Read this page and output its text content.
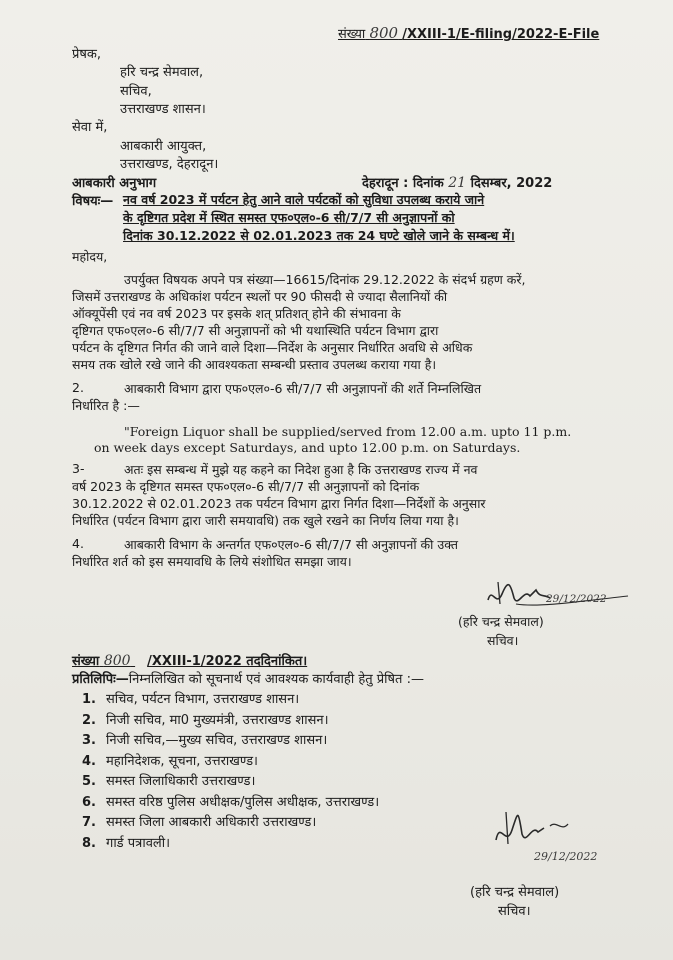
संख्या 800 /XXIII-1/E-filing/2022-E-File
प्रेषक,
हरि चन्द्र सेमवाल,
सचिव,
उत्तराखण्ड शासन।
सेवा में,
आबकारी आयुक्त,
उत्तराखण्ड, देहरादून।
आबकारी अनुभाग	देहरादून : दिनांक 21 दिसम्बर, 2022
विषयः— नव वर्ष 2023 में पर्यटन हेतु आने वाले पर्यटकों को सुविधा उपलब्ध कराये जाने
के दृष्टिगत प्रदेश में स्थित समस्त एफ०एल०-6 सी/7/7 सी अनुज्ञापनों को
दिनांक 30.12.2022 से 02.01.2023 तक 24 घण्टे खोले जाने के सम्बन्ध में।
महोदय,
उपर्युक्त विषयक अपने पत्र संख्या—16615/दिनांक 29.12.2022 के संदर्भ ग्रहण करें,
जिसमें उत्तराखण्ड के अधिकांश पर्यटन स्थलों पर 90 फीसदी से ज्यादा सैलानियों की
ऑक्यूपेंसी एवं नव वर्ष 2023 पर इसके शत् प्रतिशत् होने की संभावना के
दृष्टिगत एफ०एल०-6 सी/7/7 सी अनुज्ञापनों को भी यथास्थिति पर्यटन विभाग द्वारा
पर्यटन के दृष्टिगत निर्गत की जाने वाले दिशा—निर्देश के अनुसार निर्धारित अवधि से अधिक
समय तक खोले रखे जाने की आवश्यकता सम्बन्धी प्रस्ताव उपलब्ध कराया गया है।
2.	आबकारी विभाग द्वारा एफ०एल०-6 सी/7/7 सी अनुज्ञापनों की शर्ते निम्नलिखित
निर्धारित है :—
"Foreign Liquor shall be supplied/served from 12.00 a.m. upto 11 p.m.
on week days except Saturdays, and upto 12.00 p.m. on Saturdays.
3-	अतः इस सम्बन्ध में मुझे यह कहने का निदेश हुआ है कि उत्तराखण्ड राज्य में नव
वर्ष 2023 के दृष्टिगत समस्त एफ०एल०-6 सी/7/7 सी अनुज्ञापनों को दिनांक
30.12.2022 से 02.01.2023 तक पर्यटन विभाग द्वारा निर्गत दिशा—निर्देशों के अनुसार
निर्धारित (पर्यटन विभाग द्वारा जारी समयावधि) तक खुले रखने का निर्णय लिया गया है।
4.	आबकारी विभाग के अन्तर्गत एफ०एल०-6 सी/7/7 सी अनुज्ञापनों की उक्त
निर्धारित शर्त को इस समयावधि के लिये संशोधित समझा जाय।
29/12/2022
(हरि चन्द्र सेमवाल)
सचिव।
संख्या 800 /XXIII-1/2022 तददिनांकित।
प्रतिलिपिः—निम्नलिखित को सूचनार्थ एवं आवश्यक कार्यवाही हेतु प्रेषित :—
1. सचिव, पर्यटन विभाग, उत्तराखण्ड शासन।
2. निजी सचिव, मा0 मुख्यमंत्री, उत्तराखण्ड शासन।
3. निजी सचिव,—मुख्य सचिव, उत्तराखण्ड शासन।
4. महानिदेशक, सूचना, उत्तराखण्ड।
5. समस्त जिलाधिकारी उत्तराखण्ड।
6. समस्त वरिष्ठ पुलिस अधीक्षक/पुलिस अधीक्षक, उत्तराखण्ड।
7. समस्त जिला आबकारी अधिकारी उत्तराखण्ड।
8. गार्ड पत्रावली।
29/12/2022
(हरि चन्द्र सेमवाल)
सचिव।
